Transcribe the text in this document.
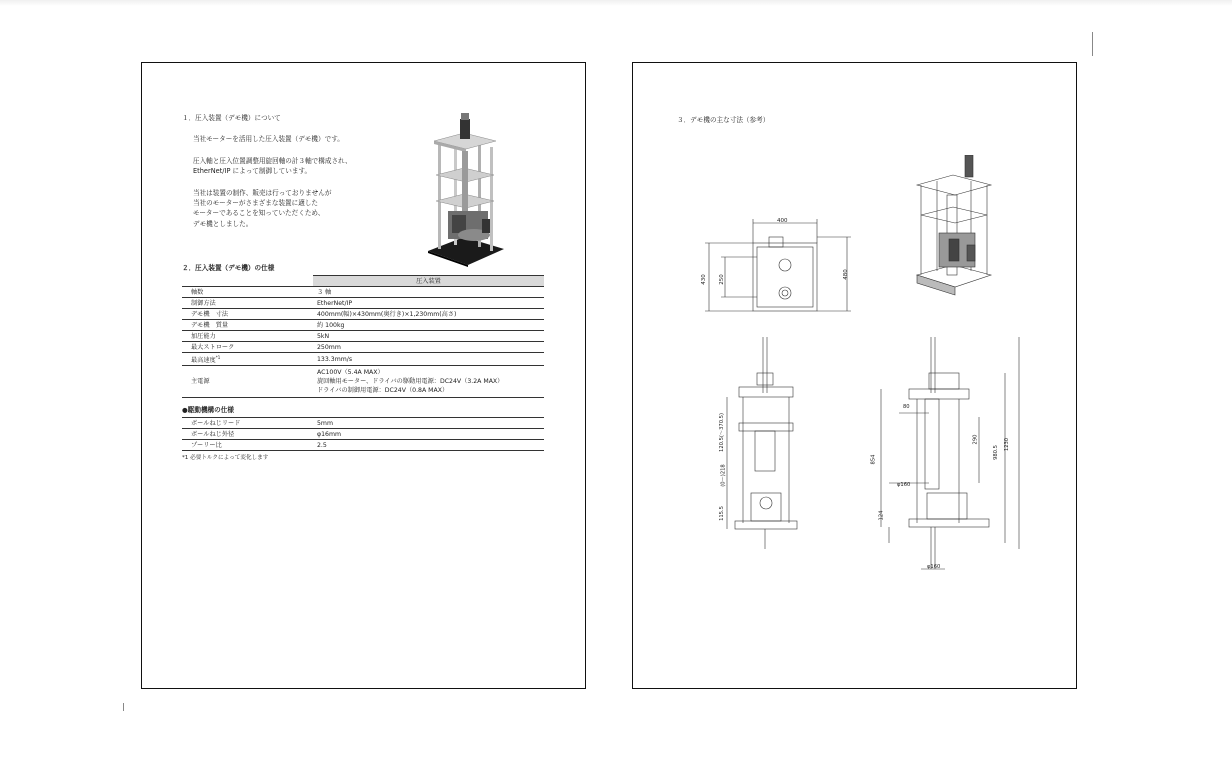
１．圧入装置（デモ機）について
当社モーターを活用した圧入装置（デモ機）です。
圧入軸と圧入位置調整用旋回軸の計３軸で構成され、
EtherNet/IP によって制御しています。
当社は装置の制作、販売は行っておりませんが
当社のモーターがさまざまな装置に適した
モーターであることを知っていただくため、
デモ機としました。
２．圧入装置（デモ機）の仕様
	圧入装置
軸数	３ 軸
制御方法	EtherNet/IP
デモ機　寸法	400mm(幅)×430mm(奥行き)×1,230mm(高さ)
デモ機　質量	約 100kg
加圧能力	5kN
最大ストローク	250mm
最高速度$^{*1}$	133.3mm/s
主電源	AC100V（5.4A MAX）
旋回軸用モーター、ドライバの駆動用電源：DC24V（3.2A MAX）
ドライバの制御用電源：DC24V（0.8A MAX）
●駆動機構の仕様
ボールねじリード	5mm
ボールねじ外径	φ16mm
プーリー比	2.5
*1 必要トルクによって変化します
３．デモ機の主な寸法（参考）
400
430	250	480
120.5(～370.5)
(0～)218
115.5
80
854
290
980.5
1230
φ160
124
φ160
